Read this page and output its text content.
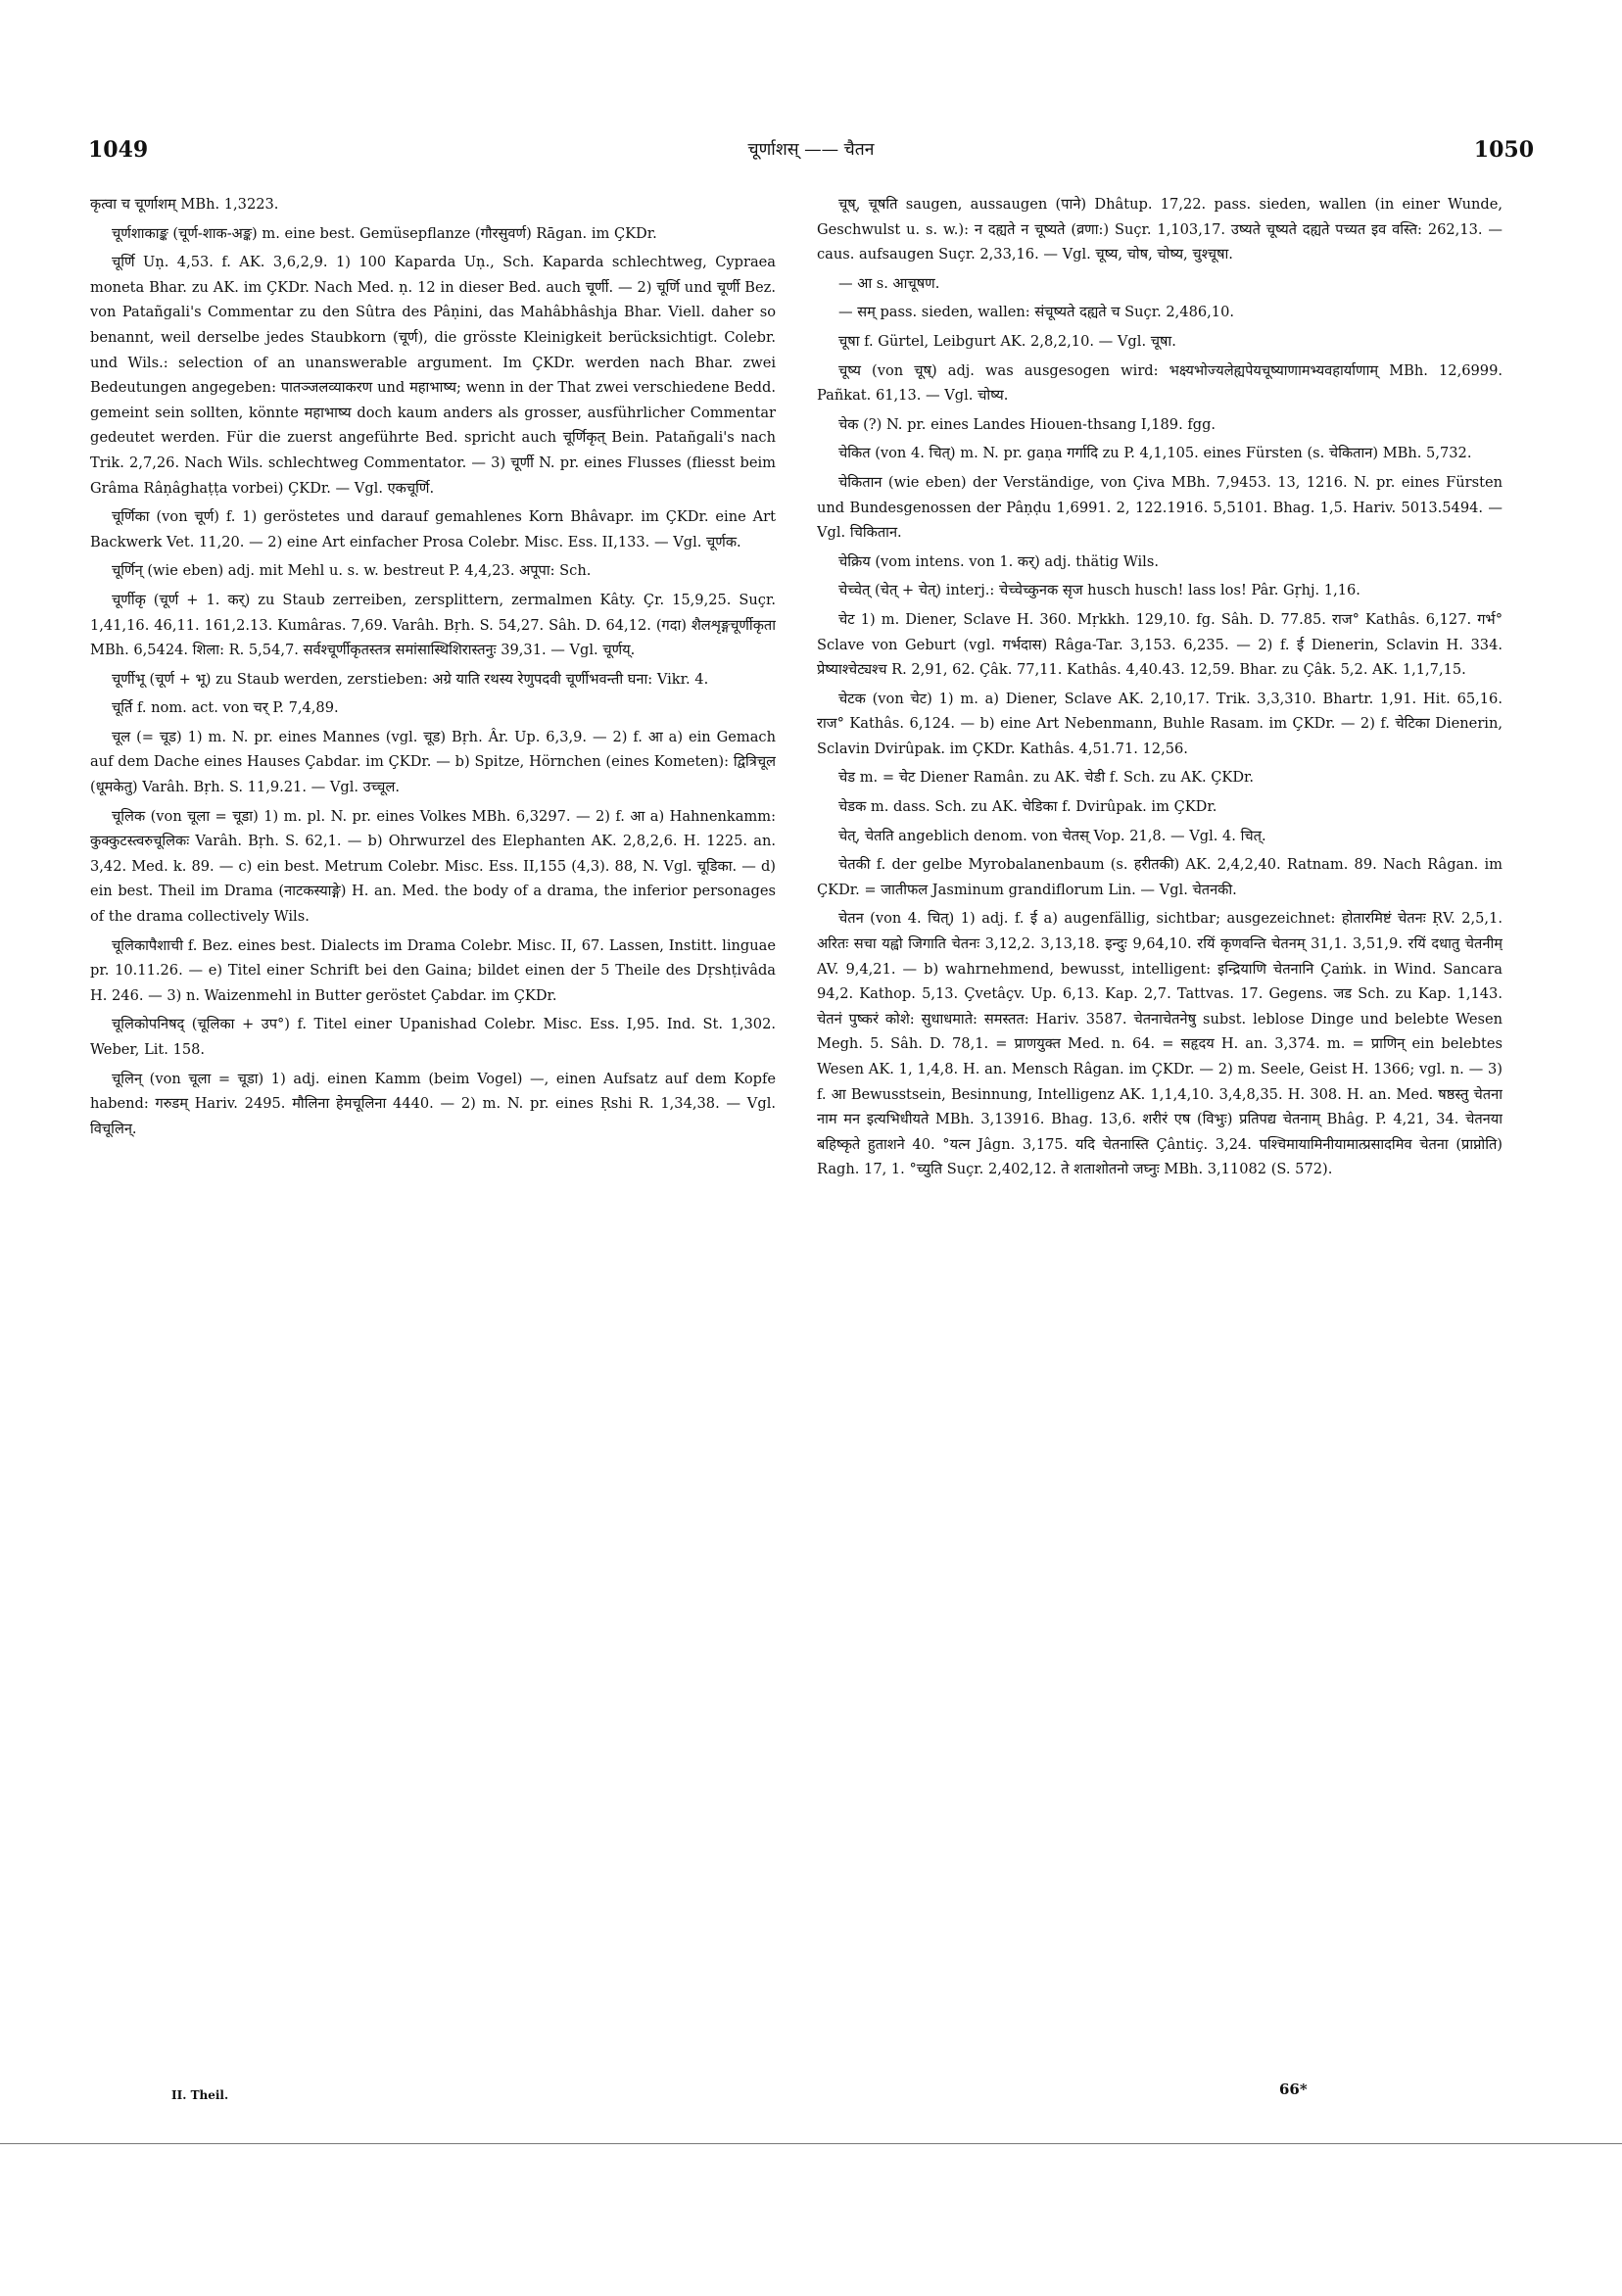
1049	चूर्णाशस् —— चैतन	1050

कृत्वा च चूर्णाशम् MBh. 1,3223.

चूर्णशाकाङ्क (चूर्ण-शाक-अङ्क) m. eine best. Gemüsepflanze (गौरसुवर्ण) Rāgan. im ÇKDr.

चूर्णि Uṇ. 4,53. f. AK. 3,6,2,9. 1) 100 Kaparda Uṇ., Sch. Kaparda schlechtweg, Cypraea moneta Bhar. zu AK. im ÇKDr. Nach Med. ṇ. 12 in dieser Bed. auch चूर्णी. — 2) चूर्णि und चूर्णी Bez. von Patañgali's Commentar zu den Sûtra des Pâṇini, das Mahâbhâshja Bhar. Viell. daher so benannt, weil derselbe jedes Staubkorn (चूर्ण), die grösste Kleinigkeit berücksichtigt. Colebr. und Wils.: selection of an unanswerable argument. Im ÇKDr. werden nach Bhar. zwei Bedeutungen angegeben: पातञ्जलव्याकरण und महाभाष्य; wenn in der That zwei verschiedene Bedd. gemeint sein sollten, könnte महाभाष्य doch kaum anders als grosser, ausführlicher Commentar gedeutet werden. Für die zuerst angeführte Bed. spricht auch चूर्णिकृत् Bein. Patañgali's nach Trik. 2,7,26. Nach Wils. schlechtweg Commentator. — 3) चूर्णी N. pr. eines Flusses (fliesst beim Grâma Râṇâghaṭṭa vorbei) ÇKDr. — Vgl. एकचूर्णि.

चूर्णिका (von चूर्ण) f. 1) geröstetes und darauf gemahlenes Korn Bhâvapr. im ÇKDr. eine Art Backwerk Vet. 11,20. — 2) eine Art einfacher Prosa Colebr. Misc. Ess. II,133. — Vgl. चूर्णक.

चूर्णिन् (wie eben) adj. mit Mehl u. s. w. bestreut P. 4,4,23. अपूपा: Sch.

चूर्णीकृ (चूर्ण + 1. कर्) zu Staub zerreiben, zersplittern, zermalmen Kâty. Çr. 15,9,25. Suçr. 1,41,16. 46,11. 161,2.13. Kumâras. 7,69. Varâh. Bṛh. S. 54,27. Sâh. D. 64,12. (गदा) शैलशृङ्गचूर्णीकृता MBh. 6,5424. शिला: R. 5,54,7. सर्वश्चूर्णीकृतस्तत्र समांसास्थिशिरास्तनुः 39,31. — Vgl. चूर्णय्.

चूर्णीभू (चूर्ण + भू) zu Staub werden, zerstieben: अग्रे याति रथस्य रेणुपदवी चूर्णीभवन्ती घना: Vikr. 4.

चूर्ति f. nom. act. von चर् P. 7,4,89.

चूल (= चूड) 1) m. N. pr. eines Mannes (vgl. चूड) Bṛh. Âr. Up. 6,3,9. — 2) f. आ a) ein Gemach auf dem Dache eines Hauses Çabdar. im ÇKDr. — b) Spitze, Hörnchen (eines Kometen): द्वित्रिचूल (धूमकेतु) Varâh. Bṛh. S. 11,9.21. — Vgl. उच्चूल.

चूलिक (von चूला = चूडा) 1) m. pl. N. pr. eines Volkes MBh. 6,3297. — 2) f. आ a) Hahnenkamm: कुक्कुटस्त्वरुचूलिकः Varâh. Bṛh. S. 62,1. — b) Ohrwurzel des Elephanten AK. 2,8,2,6. H. 1225. an. 3,42. Med. k. 89. — c) ein best. Metrum Colebr. Misc. Ess. II,155 (4,3). 88, N. Vgl. चूडिका. — d) ein best. Theil im Drama (नाटकस्याङ्गे) H. an. Med. the body of a drama, the inferior personages of the drama collectively Wils.

चूलिकापैशाची f. Bez. eines best. Dialects im Drama Colebr. Misc. II, 67. Lassen, Institt. linguae pr. 10.11.26. — e) Titel einer Schrift bei den Gaina; bildet einen der 5 Theile des Dṛshṭivâda H. 246. — 3) n. Waizenmehl in Butter geröstet Çabdar. im ÇKDr.

चूलिकोपनिषद् (चूलिका + उप°) f. Titel einer Upanishad Colebr. Misc. Ess. I,95. Ind. St. 1,302. Weber, Lit. 158.

चूलिन् (von चूला = चूडा) 1) adj. einen Kamm (beim Vogel) —, einen Aufsatz auf dem Kopfe habend: गरुडम् Hariv. 2495. मौलिना हेमचूलिना 4440. — 2) m. N. pr. eines Ṛshi R. 1,34,38. — Vgl. विचूलिन्.

चूष्, चूषति saugen, aussaugen (पाने) Dhâtup. 17,22. pass. sieden, wallen (in einer Wunde, Geschwulst u. s. w.): न दह्यते न चूष्यते (व्रणा:) Suçr. 1,103,17. उष्यते चूष्यते दह्यते पच्यत इव वस्ति: 262,13. — caus. aufsaugen Suçr. 2,33,16. — Vgl. चूष्य, चोष, चोष्य, चुश्चूषा.

— आ s. आचूषण.

— सम् pass. sieden, wallen: संचूष्यते दह्यते च Suçr. 2,486,10.

चूषा f. Gürtel, Leibgurt AK. 2,8,2,10. — Vgl. चूषा.

चूष्य (von चूष्) adj. was ausgesogen wird: भक्ष्यभोज्यलेह्यपेयचूष्याणामभ्यवहार्याणाम् MBh. 12,6999. Pañkat. 61,13. — Vgl. चोष्य.

चेक (?) N. pr. eines Landes Hiouen-thsang I,189. fgg.

चेकित (von 4. चित्) m. N. pr. gaṇa गर्गादि zu P. 4,1,105. eines Fürsten (s. चेकितान) MBh. 5,732.

चेकितान (wie eben) der Verständige, von Çiva MBh. 7,9453. 13, 1216. N. pr. eines Fürsten und Bundesgenossen der Pâṇḍu 1,6991. 2, 122.1916. 5,5101. Bhag. 1,5. Hariv. 5013.5494. — Vgl. चिकितान.

चेक्रिय (vom intens. von 1. कर्) adj. thätig Wils.

चेच्चेत् (चेत् + चेत्) interj.: चेच्चेच्कुनक सृज husch husch! lass los! Pâr. Gṛhj. 1,16.

चेट 1) m. Diener, Sclave H. 360. Mṛkkh. 129,10. fg. Sâh. D. 77.85. राज° Kathâs. 6,127. गर्भ° Sclave von Geburt (vgl. गर्भदास) Râga-Tar. 3,153. 6,235. — 2) f. ई Dienerin, Sclavin H. 334. प्रेष्याश्चेट्यश्च R. 2,91, 62. Çâk. 77,11. Kathâs. 4,40.43. 12,59. Bhar. zu Çâk. 5,2. AK. 1,1,7,15.

चेटक (von चेट) 1) m. a) Diener, Sclave AK. 2,10,17. Trik. 3,3,310. Bhartr. 1,91. Hit. 65,16. राज° Kathâs. 6,124. — b) eine Art Nebenmann, Buhle Rasam. im ÇKDr. — 2) f. चेटिका Dienerin, Sclavin Dvirûpak. im ÇKDr. Kathâs. 4,51.71. 12,56.

चेड m. = चेट Diener Ramân. zu AK. चेडी f. Sch. zu AK. ÇKDr.

चेडक m. dass. Sch. zu AK. चेडिका f. Dvirûpak. im ÇKDr.

चेत्, चेतति angeblich denom. von चेतस् Vop. 21,8. — Vgl. 4. चित्.

चेतकी f. der gelbe Myrobalanenbaum (s. हरीतकी) AK. 2,4,2,40. Ratnam. 89. Nach Râgan. im ÇKDr. = जातीफल Jasminum grandiflorum Lin. — Vgl. चेतनकी.

चेतन (von 4. चित्) 1) adj. f. ई a) augenfällig, sichtbar; ausgezeichnet: होतारमिष्टं चेतनः ṚV. 2,5,1. अरितः सचा यह्वो जिगाति चेतनः 3,12,2. 3,13,18. इन्दुः 9,64,10. रयिं कृणवन्ति चेतनम् 31,1. 3,51,9. रयिं दधातु चेतनीम् AV. 9,4,21. — b) wahrnehmend, bewusst, intelligent: इन्द्रियाणि चेतनानि Çaṁk. in Wind. Sancara 94,2. Kathop. 5,13. Çvetâçv. Up. 6,13. Kap. 2,7. Tattvas. 17. Gegens. जड Sch. zu Kap. 1,143. चेतनं पुष्करं कोशे: सुधाधमाते: समस्तत: Hariv. 3587. चेतनाचेतनेषु subst. leblose Dinge und belebte Wesen Megh. 5. Sâh. D. 78,1. = प्राणयुक्त Med. n. 64. = सहृदय H. an. 3,374. m. = प्राणिन् ein belebtes Wesen AK. 1, 1,4,8. H. an. Mensch Râgan. im ÇKDr. — 2) m. Seele, Geist H. 1366; vgl. n. — 3) f. आ Bewusstsein, Besinnung, Intelligenz AK. 1,1,4,10. 3,4,8,35. H. 308. H. an. Med. षष्ठस्तु चेतना नाम मन इत्यभिधीयते MBh. 3,13916. Bhag. 13,6. शरीरं एष (विभुः) प्रतिपद्य चेतनाम् Bhâg. P. 4,21, 34. चेतनया बहिष्कृते हुताशने 40. °यत्न Jâgn. 3,175. यदि चेतनास्ति Çântiç. 3,24. पश्चिमायामिनीयामात्प्रसादमिव चेतना (प्राप्नोति) Ragh. 17, 1. °च्युति Suçr. 2,402,12. ते शताशोतनो जघ्नुः MBh. 3,11082 (S. 572).

II. Theil.	66*
